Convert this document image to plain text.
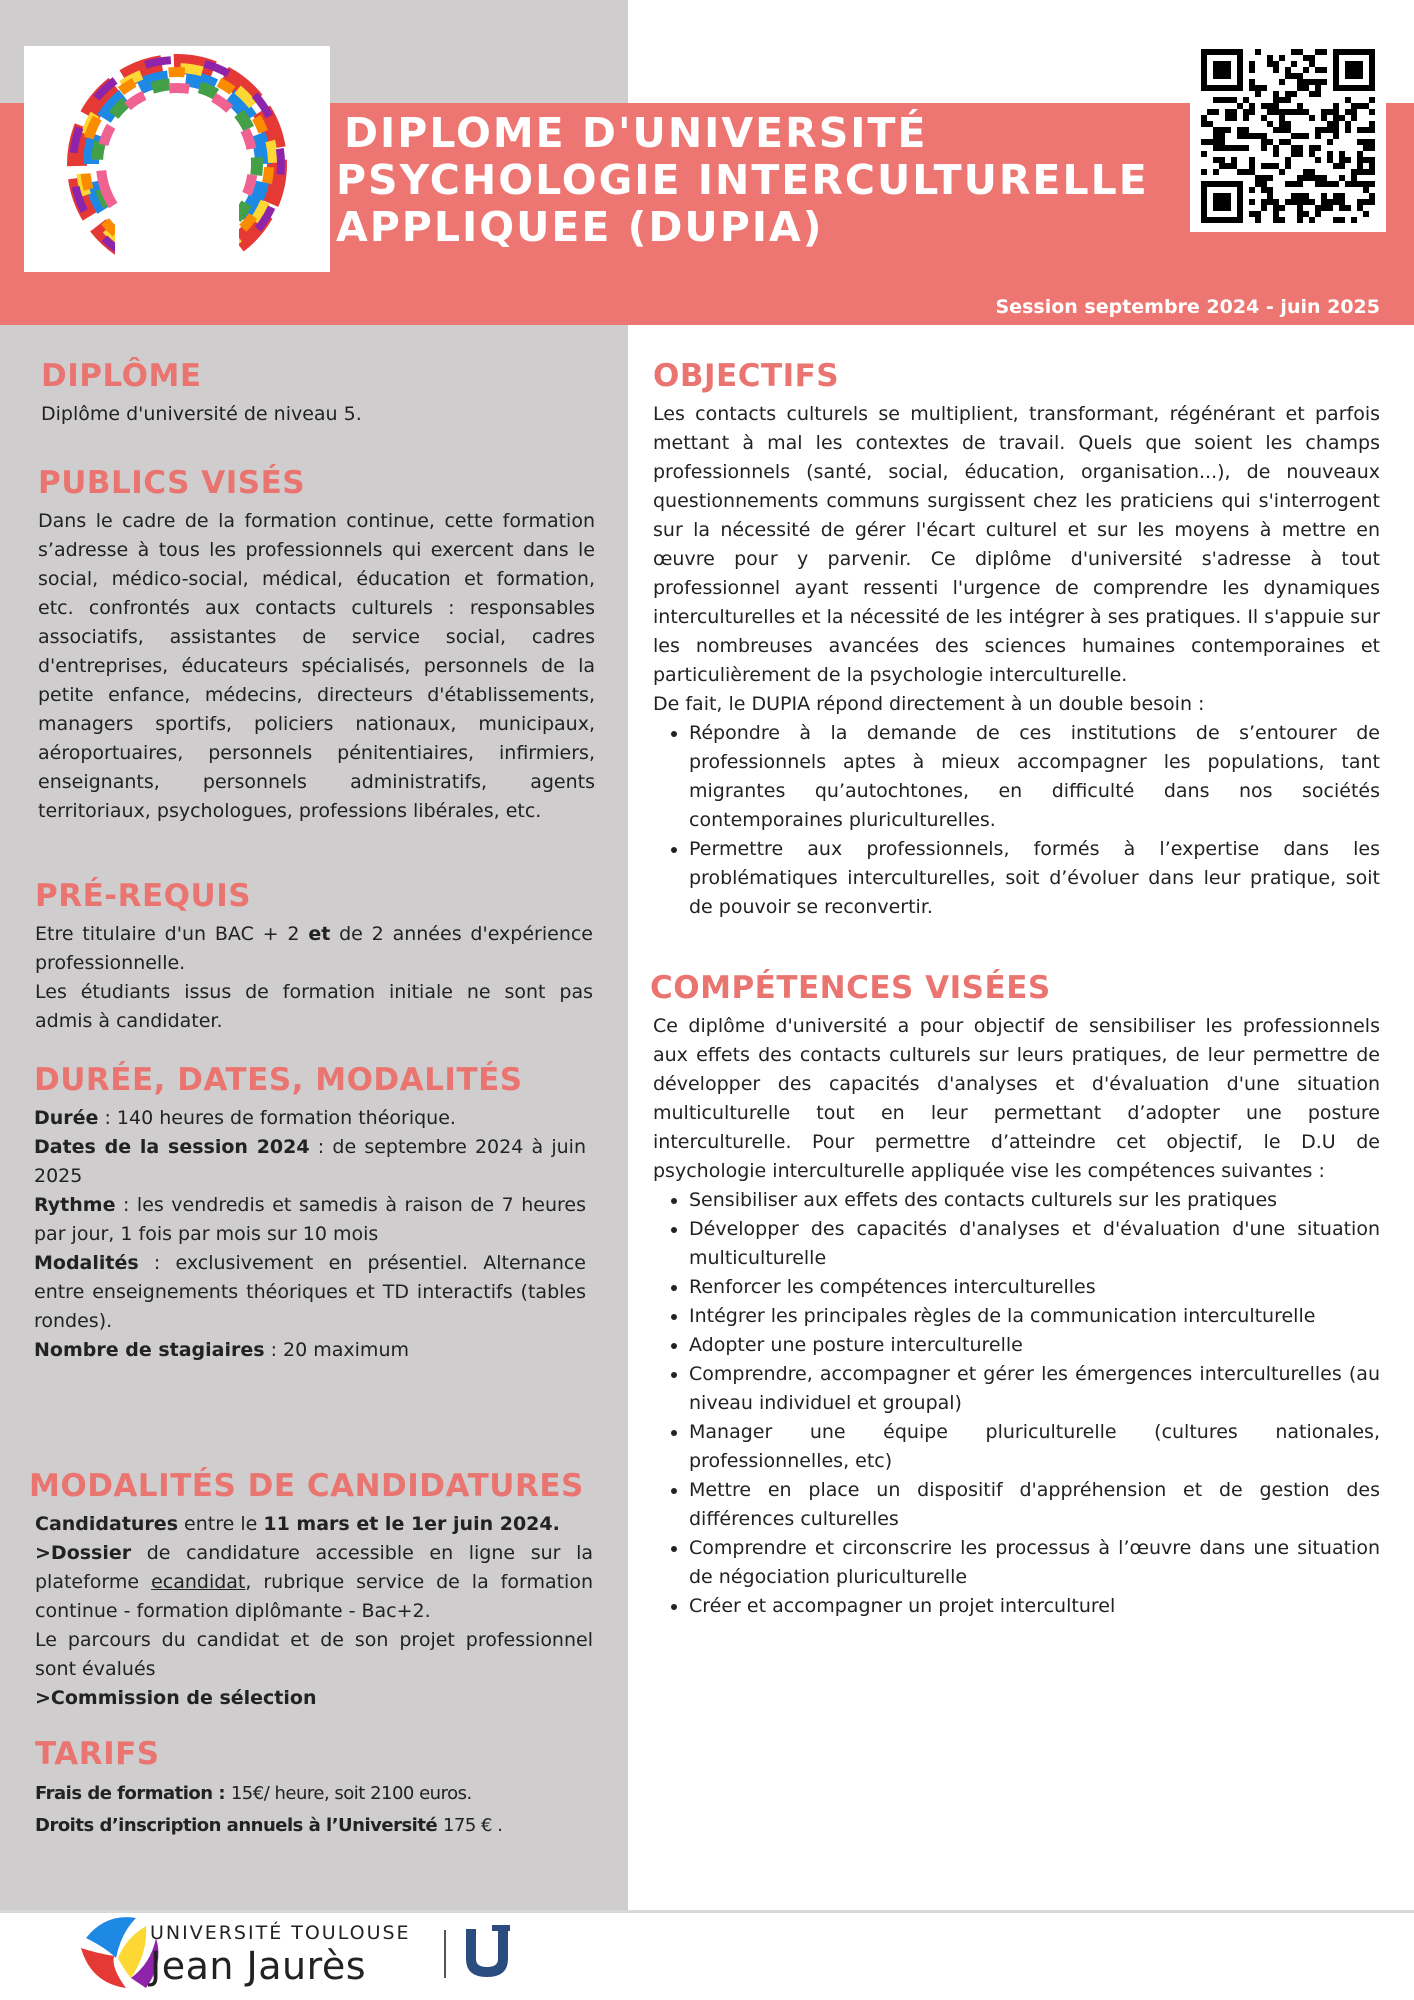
DIPLOME D'UNIVERSITÉ
PSYCHOLOGIE INTERCULTURELLE
APPLIQUEE (DUPIA)
Session septembre 2024 - juin 2025
DIPLÔME

Diplôme d'université de niveau 5.

PUBLICS VISÉS

Dans le cadre de la formation continue, cette formation s’adresse à tous les professionnels qui exercent dans le social, médico-social, médical, éducation et formation, etc. confrontés aux contacts culturels : responsables associatifs, assistantes de service social, cadres d'entreprises, éducateurs spécialisés, personnels de la petite enfance, médecins, directeurs d'établissements, managers sportifs, policiers nationaux, municipaux, aéroportuaires, personnels pénitentiaires, infirmiers, enseignants, personnels administratifs, agents territoriaux, psychologues, professions libérales, etc.

PRÉ-REQUIS

Etre titulaire d'un BAC + 2 et de 2 années d'expérience professionnelle.

Les étudiants issus de formation initiale ne sont pas admis à candidater.

DURÉE, DATES, MODALITÉS

Durée : 140 heures de formation théorique.

Dates de la session 2024 : de septembre 2024 à juin 2025

Rythme : les vendredis et samedis à raison de 7 heures par jour, 1 fois par mois sur 10 mois

Modalités : exclusivement en présentiel. Alternance entre enseignements théoriques et TD interactifs (tables rondes).

Nombre de stagiaires : 20 maximum

MODALITÉS DE CANDIDATURES

Candidatures entre le 11 mars et le 1er juin 2024.

>Dossier de candidature accessible en ligne sur la plateforme ecandidat, rubrique service de la formation continue - formation diplômante - Bac+2.

Le parcours du candidat et de son projet professionnel sont évalués

>Commission de sélection

TARIFS
Frais de formation : 15€/ heure, soit 2100 euros.
Droits d’inscription annuels à l’Université 175 € .
OBJECTIFS

Les contacts culturels se multiplient, transformant, régénérant et parfois mettant à mal les contextes de travail. Quels que soient les champs professionnels (santé, social, éducation, organisation...), de nouveaux questionnements communs surgissent chez les praticiens qui s'interrogent sur la nécessité de gérer l'écart culturel et sur les moyens à mettre en œuvre pour y parvenir. Ce diplôme d'université s'adresse à tout professionnel ayant ressenti l'urgence de comprendre les dynamiques interculturelles et la nécessité de les intégrer à ses pratiques. Il s'appuie sur les nombreuses avancées des sciences humaines contemporaines et particulièrement de la psychologie interculturelle.

De fait, le DUPIA répond directement à un double besoin :

• Répondre à la demande de ces institutions de s’entourer de professionnels aptes à mieux accompagner les populations, tant migrantes qu’autochtones, en difficulté dans nos sociétés contemporaines pluriculturelles.
• Permettre aux professionnels, formés à l’expertise dans les problématiques interculturelles, soit d’évoluer dans leur pratique, soit de pouvoir se reconvertir.
COMPÉTENCES VISÉES

Ce diplôme d'université a pour objectif de sensibiliser les professionnels aux effets des contacts culturels sur leurs pratiques, de leur permettre de développer des capacités d'analyses et d'évaluation d'une situation multiculturelle tout en leur permettant d’adopter une posture interculturelle. Pour permettre d’atteindre cet objectif, le D.U de psychologie interculturelle appliquée vise les compétences suivantes :

• Sensibiliser aux effets des contacts culturels sur les pratiques
• Développer des capacités d'analyses et d'évaluation d'une situation multiculturelle
• Renforcer les compétences interculturelles
• Intégrer les principales règles de la communication interculturelle
• Adopter une posture interculturelle
• Comprendre, accompagner et gérer les émergences interculturelles (au niveau individuel et groupal)
• Manager une équipe pluriculturelle (cultures nationales, professionnelles, etc)
• Mettre en place un dispositif d'appréhension et de gestion des différences culturelles
• Comprendre et circonscrire les processus à l’œuvre dans une situation de négociation pluriculturelle
• Créer et accompagner un projet interculturel
UNIVERSITÉ TOULOUSE
Jean Jaurès
